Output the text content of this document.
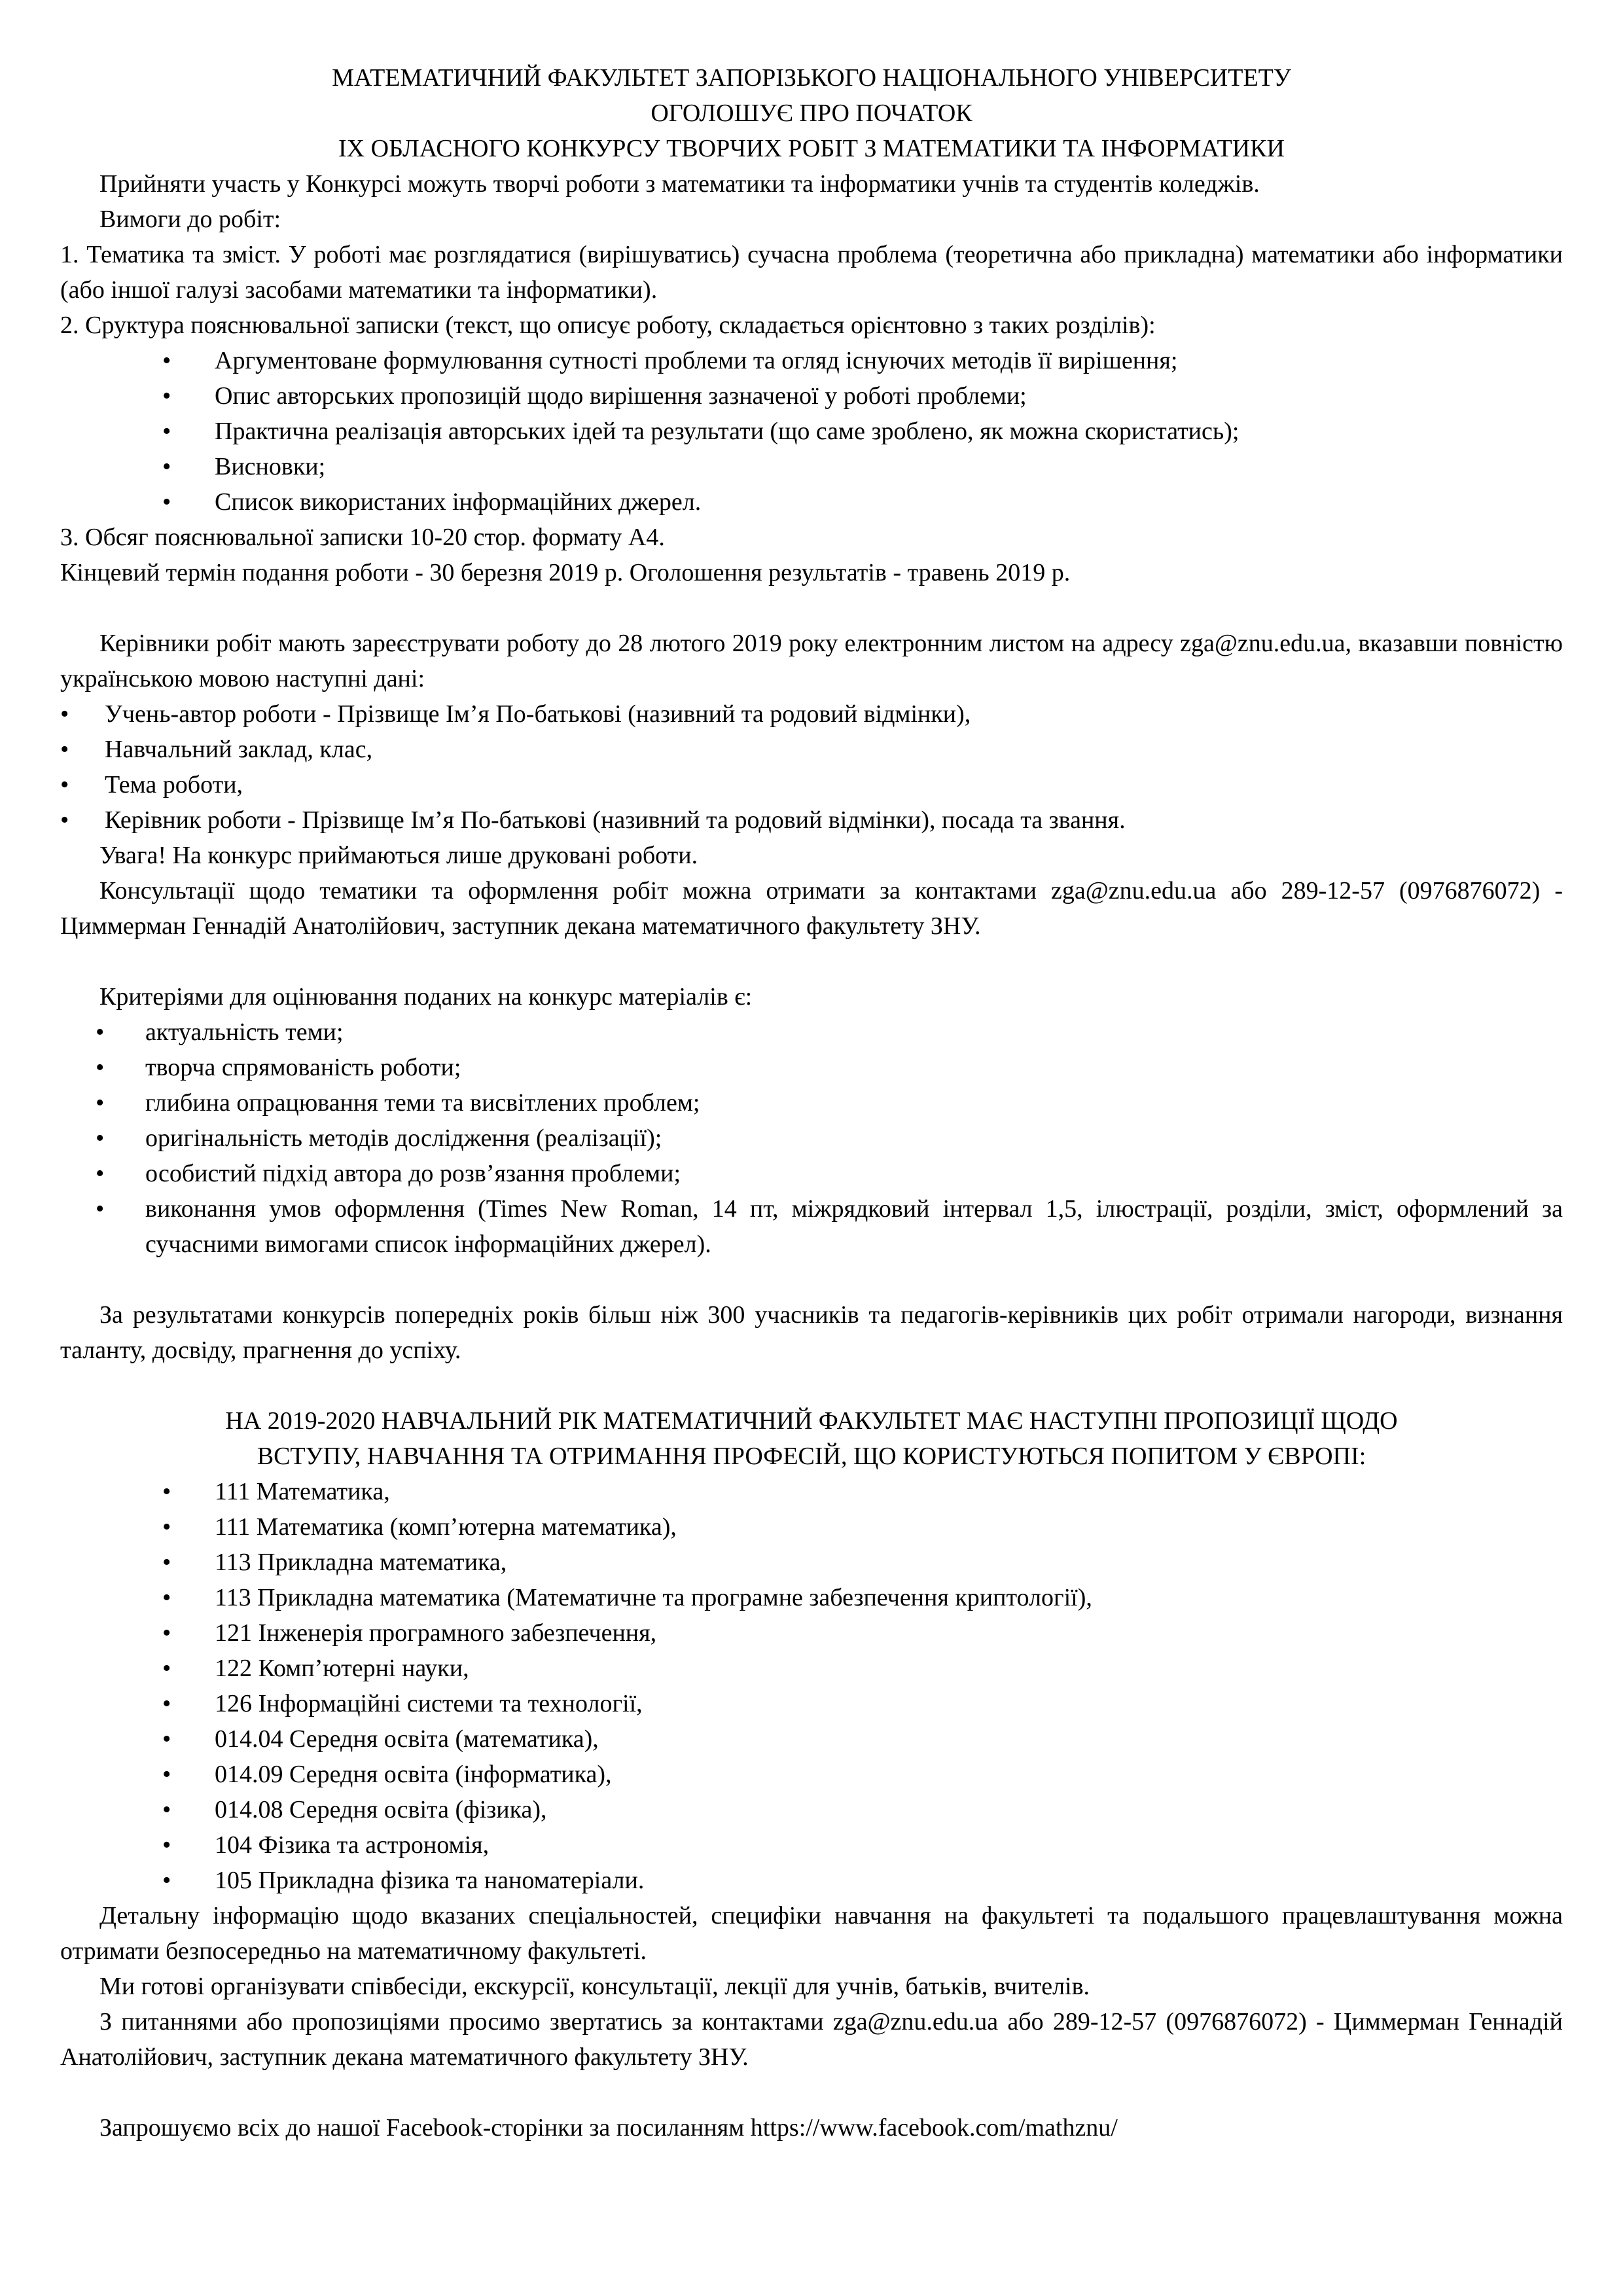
МАТЕМАТИЧНИЙ ФАКУЛЬТЕТ ЗАПОРІЗЬКОГО НАЦІОНАЛЬНОГО УНІВЕРСИТЕТУ

ОГОЛОШУЄ ПРО ПОЧАТОК

IX ОБЛАСНОГО КОНКУРСУ ТВОРЧИХ РОБІТ З МАТЕМАТИКИ ТА ІНФОРМАТИКИ

Прийняти участь у Конкурсі можуть творчі роботи з математики та інформатики учнів та студентів коледжів.

Вимоги до робіт:

1. Тематика та зміст. У роботі має розглядатися (вирішуватись) сучасна проблема (теоретична або прикладна) математики або інформатики (або іншої галузі засобами математики та інформатики).

2. Сруктура пояснювальної записки (текст, що описує роботу, складається орієнтовно з таких розділів):

• Аргументоване формулювання сутності проблеми та огляд існуючих методів її вирішення;
• Опис авторських пропозицій щодо вирішення зазначеної у роботі проблеми;
• Практична реалізація авторських ідей та результати (що саме зроблено, як можна скористатись);
• Висновки;
• Список використаних інформаційних джерел.

3. Обсяг пояснювальної записки 10-20 стор. формату А4.

Кінцевий термін подання роботи - 30 березня 2019 р. Оголошення результатів - травень 2019 р.

Керівники робіт мають зареєструвати роботу до 28 лютого 2019 року електронним листом на адресу zga@znu.edu.ua, вказавши повністю українською мовою наступні дані:

• Учень-автор роботи - Прізвище Ім’я По-батькові (називний та родовий відмінки),
• Навчальний заклад, клас,
• Тема роботи,
• Керівник роботи - Прізвище Ім’я По-батькові (називний та родовий відмінки), посада та звання.

Увага! На конкурс приймаються лише друковані роботи.

Консультації щодо тематики та оформлення робіт можна отримати за контактами zga@znu.edu.ua або 289-12-57 (0976876072) - Циммерман Геннадій Анатолійович, заступник декана математичного факультету ЗНУ.

Критеріями для оцінювання поданих на конкурс матеріалів є:

• актуальність теми;
• творча спрямованість роботи;
• глибина опрацювання теми та висвітлених проблем;
• оригінальність методів дослідження (реалізації);
• особистий підхід автора до розв’язання проблеми;
• виконання умов оформлення (Times New Roman, 14 пт, міжрядковий інтервал 1,5, ілюстрації, розділи, зміст, оформлений за сучасними вимогами список інформаційних джерел).

За результатами конкурсів попередніх років більш ніж 300 учасників та педагогів-керівників цих робіт отримали нагороди, визнання таланту, досвіду, прагнення до успіху.

НА 2019-2020 НАВЧАЛЬНИЙ РІК МАТЕМАТИЧНИЙ ФАКУЛЬТЕТ МАЄ НАСТУПНІ ПРОПОЗИЦІЇ ЩОДО

ВСТУПУ, НАВЧАННЯ ТА ОТРИМАННЯ ПРОФЕСІЙ, ЩО КОРИСТУЮТЬСЯ ПОПИТОМ У ЄВРОПІ:

• 111 Математика,
• 111 Математика (комп’ютерна математика),
• 113 Прикладна математика,
• 113 Прикладна математика (Математичне та програмне забезпечення криптології),
• 121 Інженерія програмного забезпечення,
• 122 Комп’ютерні науки,
• 126 Інформаційні системи та технології,
• 014.04 Середня освіта (математика),
• 014.09 Середня освіта (інформатика),
• 014.08 Середня освіта (фізика),
• 104 Фізика та астрономія,
• 105 Прикладна фізика та наноматеріали.

Детальну інформацію щодо вказаних спеціальностей, специфіки навчання на факультеті та подальшого працевлаштування можна отримати безпосередньо на математичному факультеті.

Ми готові організувати співбесіди, екскурсії, консультації, лекції для учнів, батьків, вчителів.

З питаннями або пропозиціями просимо звертатись за контактами zga@znu.edu.ua або 289-12-57 (0976876072) - Циммерман Геннадій Анатолійович, заступник декана математичного факультету ЗНУ.

Запрошуємо всіх до нашої Facebook-сторінки за посиланням https://www.facebook.com/mathznu/
